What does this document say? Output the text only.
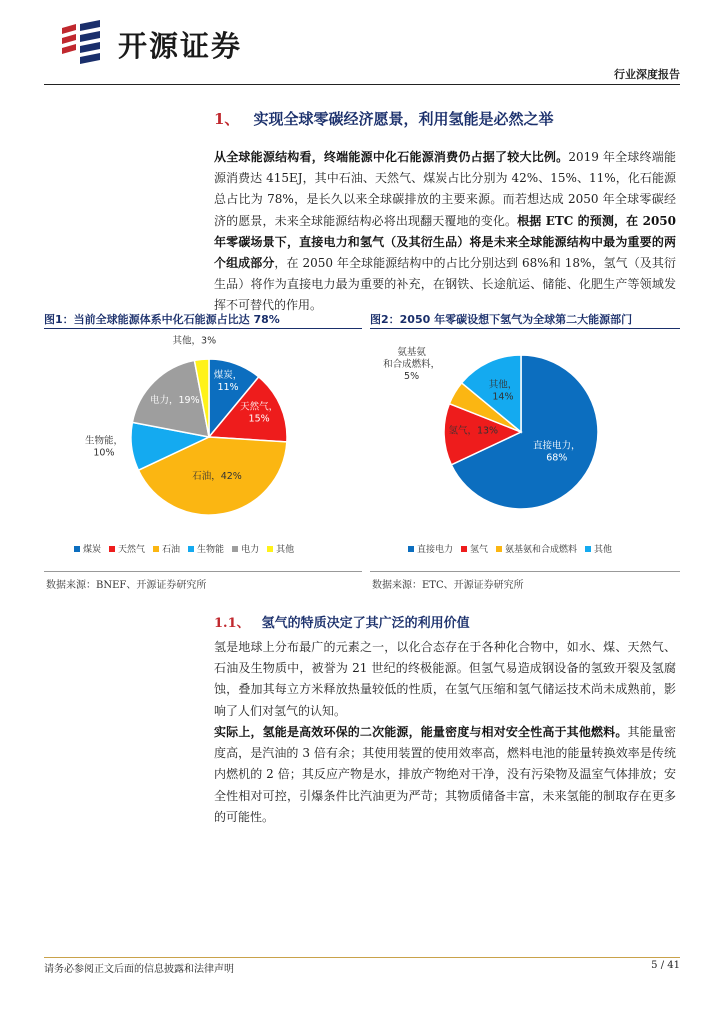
开源证券
行业深度报告
1、 实现全球零碳经济愿景，利用氢能是必然之举
从全球能源结构看，终端能源中化石能源消费仍占据了较大比例。2019 年全球终端能源消费达 415EJ，其中石油、天然气、煤炭占比分别为 42%、15%、11%，化石能源总占比为 78%，是长久以来全球碳排放的主要来源。而若想达成 2050 年全球零碳经济的愿景，未来全球能源结构必将出现翻天覆地的变化。根据 ETC 的预测，在 2050 年零碳场景下，直接电力和氢气（及其衍生品）将是未来全球能源结构中最为重要的两个组成部分，在 2050 年全球能源结构中的占比分别达到 68%和 18%，氢气（及其衍生品）将作为直接电力最为重要的补充，在钢铁、长途航运、储能、化肥生产等领域发挥不可替代的作用。
图1：当前全球能源体系中化石能源占比达 78%
煤炭， 11%
天然气， 15%
石油，42%
生物能， 10%
电力，19%
其他，3%
煤炭 天然气 石油 生物能 电力 其他
数据来源：BNEF、开源证券研究所
图2：2050 年零碳设想下氢气为全球第二大能源部门
直接电力， 68%
氢气，13%
氨基氨和合成燃料， 5%
其他， 14%
直接电力 氢气 氨基氨和合成燃料 其他
数据来源：ETC、开源证券研究所
1.1、 氢气的特质决定了其广泛的利用价值
氢是地球上分布最广的元素之一，以化合态存在于各种化合物中，如水、煤、天然气、石油及生物质中，被誉为 21 世纪的终极能源。但氢气易造成钢设备的氢致开裂及氢腐蚀，叠加其每立方米释放热量较低的性质，在氢气压缩和氢气储运技术尚未成熟前，影响了人们对氢气的认知。
实际上，氢能是高效环保的二次能源，能量密度与相对安全性高于其他燃料。其能量密度高，是汽油的 3 倍有余；其使用装置的使用效率高，燃料电池的能量转换效率是传统内燃机的 2 倍；其反应产物是水，排放产物绝对干净，没有污染物及温室气体排放；安全性相对可控，引爆条件比汽油更为严苛；其物质储备丰富，未来氢能的制取存在更多的可能性。
请务必参阅正文后面的信息披露和法律声明	5 / 41
